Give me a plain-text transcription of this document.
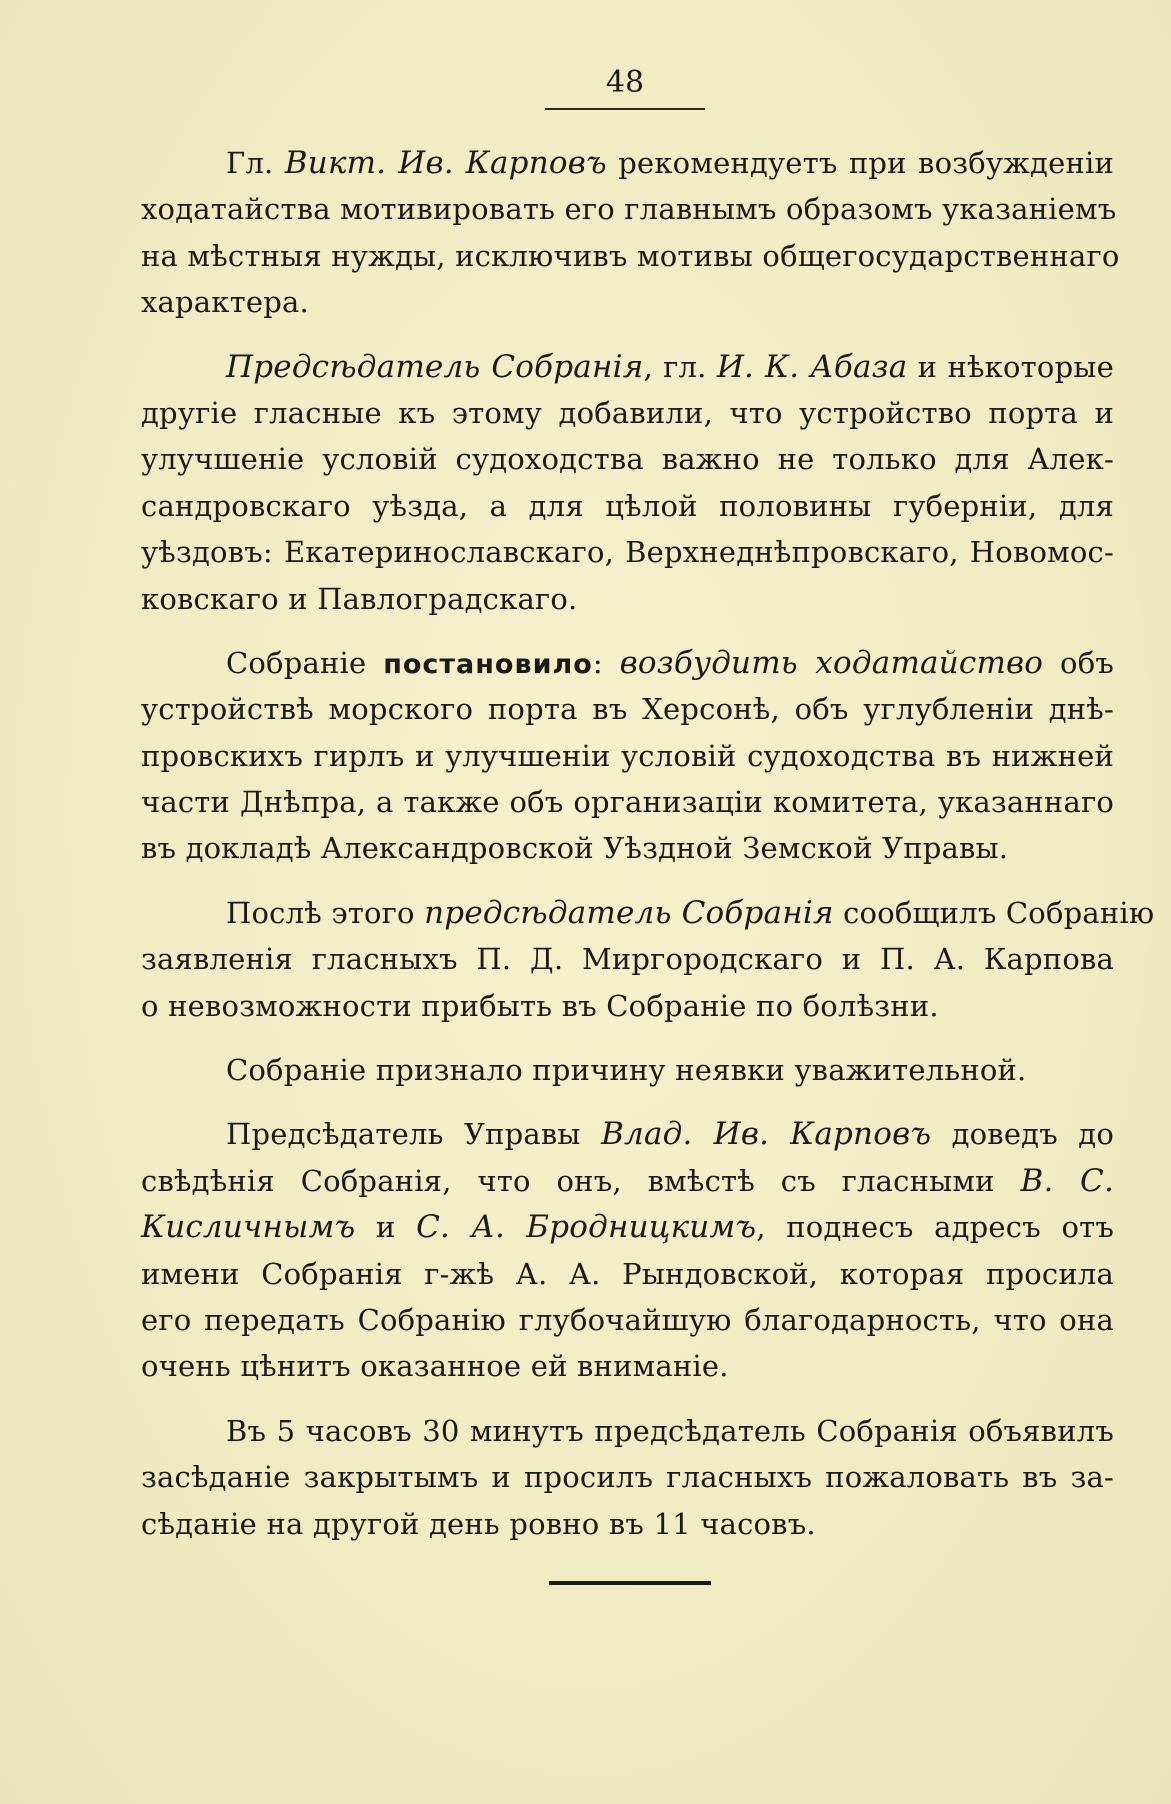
48
Гл. Викт. Ив. Карповъ рекомендуетъ при возбужденіи
ходатайства мотивировать его главнымъ образомъ указаніемъ
на мѣстныя нужды, исключивъ мотивы общегосударственнаго
характера.
Предсѣдатель Собранія, гл. И. К. Абаза и нѣкоторые
другіе гласные къ этому добавили, что устройство порта и
улучшеніе условій судоходства важно не только для Алек-
сандровскаго уѣзда, а для цѣлой половины губерніи, для
уѣздовъ: Екатеринославскаго, Верхнеднѣпровскаго, Новомос-
ковскаго и Павлоградскаго.
Собраніе постановило: возбудить ходатайство объ
устройствѣ морского порта въ Херсонѣ, объ углубленіи днѣ-
провскихъ гирлъ и улучшеніи условій судоходства въ нижней
части Днѣпра, а также объ организаціи комитета, указаннаго
въ докладѣ Александровской Уѣздной Земской Управы.
Послѣ этого предсѣдатель Собранія сообщилъ Собранію
заявленія гласныхъ П. Д. Миргородскаго и П. А. Карпова
о невозможности прибыть въ Собраніе по болѣзни.
Собраніе признало причину неявки уважительной.
Предсѣдатель Управы Влад. Ив. Карповъ доведъ до
свѣдѣнія Собранія, что онъ, вмѣстѣ съ гласными В. С.
Кисличнымъ и С. А. Бродницкимъ, поднесъ адресъ отъ
имени Собранія г-жѣ А. А. Рындовской, которая просила
его передать Собранію глубочайшую благодарность, что она
очень цѣнитъ оказанное ей вниманіе.
Въ 5 часовъ 30 минутъ предсѣдатель Собранія объявилъ
засѣданіе закрытымъ и просилъ гласныхъ пожаловать въ за-
сѣданіе на другой день ровно въ 11 часовъ.
